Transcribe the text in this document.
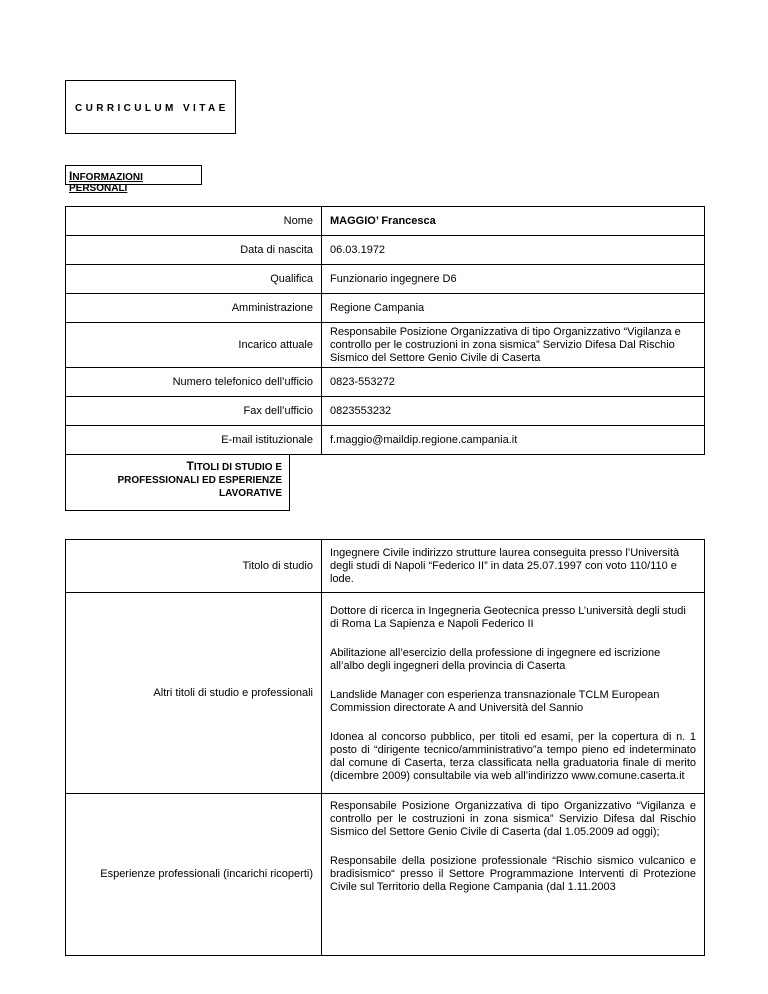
CURRICULUM VITAE
INFORMAZIONI PERSONALI
Nome	MAGGIO’ Francesca
Data di nascita	06.03.1972
Qualifica	Funzionario ingegnere D6
Amministrazione	Regione Campania
Incarico attuale	Responsabile Posizione Organizzativa di tipo Organizzativo “Vigilanza e controllo per le costruzioni in zona sismica” Servizio Difesa Dal Rischio Sismico del Settore Genio Civile di Caserta
Numero telefonico dell’ufficio	0823-553272
Fax dell’ufficio	0823553232
E-mail istituzionale	f.maggio@maildip.regione.campania.it
TITOLI DI STUDIO E
PROFESSIONALI ED ESPERIENZE
LAVORATIVE
Titolo di studio	Ingegnere Civile indirizzo strutture laurea conseguita presso l’Università degli studi di Napoli “Federico II” in data 25.07.1997 con voto 110/110 e lode.
Altri titoli di studio e professionali	Dottore di ricerca in Ingegneria Geotecnica presso L’università degli studi di Roma La Sapienza e Napoli Federico II

Abilitazione all’esercizio della professione di ingegnere ed iscrizione all’albo degli ingegneri della provincia di Caserta

Landslide Manager con esperienza transnazionale TCLM European Commission directorate A and Università del Sannio

Idonea al concorso pubblico, per titoli ed esami, per la copertura di n. 1 posto di “dirigente tecnico/amministrativo”a tempo pieno ed indeterminato dal comune di Caserta, terza classificata nella graduatoria finale di merito (dicembre 2009) consultabile via web all’indirizzo www.comune.caserta.it

Esperienze professionali (incarichi ricoperti)	Responsabile Posizione Organizzativa di tipo Organizzativo “Vigilanza e controllo per le costruzioni in zona sismica” Servizio Difesa dal Rischio Sismico del Settore Genio Civile di Caserta (dal 1.05.2009 ad oggi);

Responsabile della posizione professionale “Rischio sismico vulcanico e bradisismico“ presso il Settore Programmazione Interventi di Protezione Civile sul Territorio della Regione Campania (dal 1.11.2003
